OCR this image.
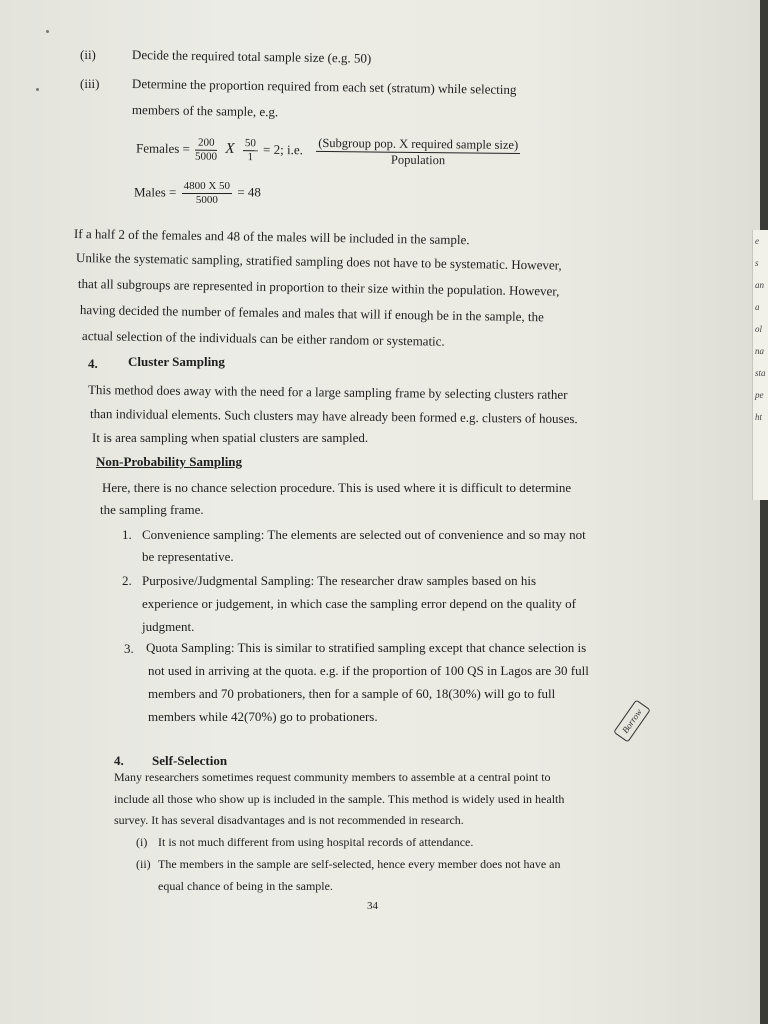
(ii)	Decide the required total sample size (e.g. 50)
(iii) Determine the proportion required from each set (stratum) while selecting
members of the sample, e.g.
Females = $\frac{200}{5000}$ X $\frac{50}{1} = 2$; i.e. (Subgroup pop. X required sample size)
Population
Males = $\frac{4800 X 50}{5000} = 48$
If a half 2 of the females and 48 of the males will be included in the sample.
Unlike the systematic sampling, stratified sampling does not have to be systematic. However,
that all subgroups are represented in proportion to their size within the population. However,
having decided the number of females and males that will if enough be in the sample, the
actual selection of the individuals can be either random or systematic.
4. Cluster Sampling
This method does away with the need for a large sampling frame by selecting clusters rather
than individual elements. Such clusters may have already been formed e.g. clusters of houses.
It is area sampling when spatial clusters are sampled.
Non-Probability Sampling
Here, there is no chance selection procedure. This is used where it is difficult to determine
the sampling frame.
1. Convenience sampling: The elements are selected out of convenience and so may not
be representative.
2. Purposive/Judgmental Sampling: The researcher draw samples based on his
experience or judgement, in which case the sampling error depend on the quality of
judgment.
3. Quota Sampling: This is similar to stratified sampling except that chance selection is
not used in arriving at the quota. e.g. if the proportion of 100 QS in Lagos are 30 full
members and 70 probationers, then for a sample of 60, 18(30%) will go to full
members while 42(70%) go to probationers.	Borrow
4. Self-Selection
Many researchers sometimes request community members to assemble at a central point to
include all those who show up is included in the sample. This method is widely used in health
survey. It has several disadvantages and is not recommended in research.
(i) It is not much different from using hospital records of attendance.
(ii) The members in the sample are self-selected, hence every member does not have an
equal chance of being in the sample.
34
e
s
an
a
ol
na
sta
pe
ht
